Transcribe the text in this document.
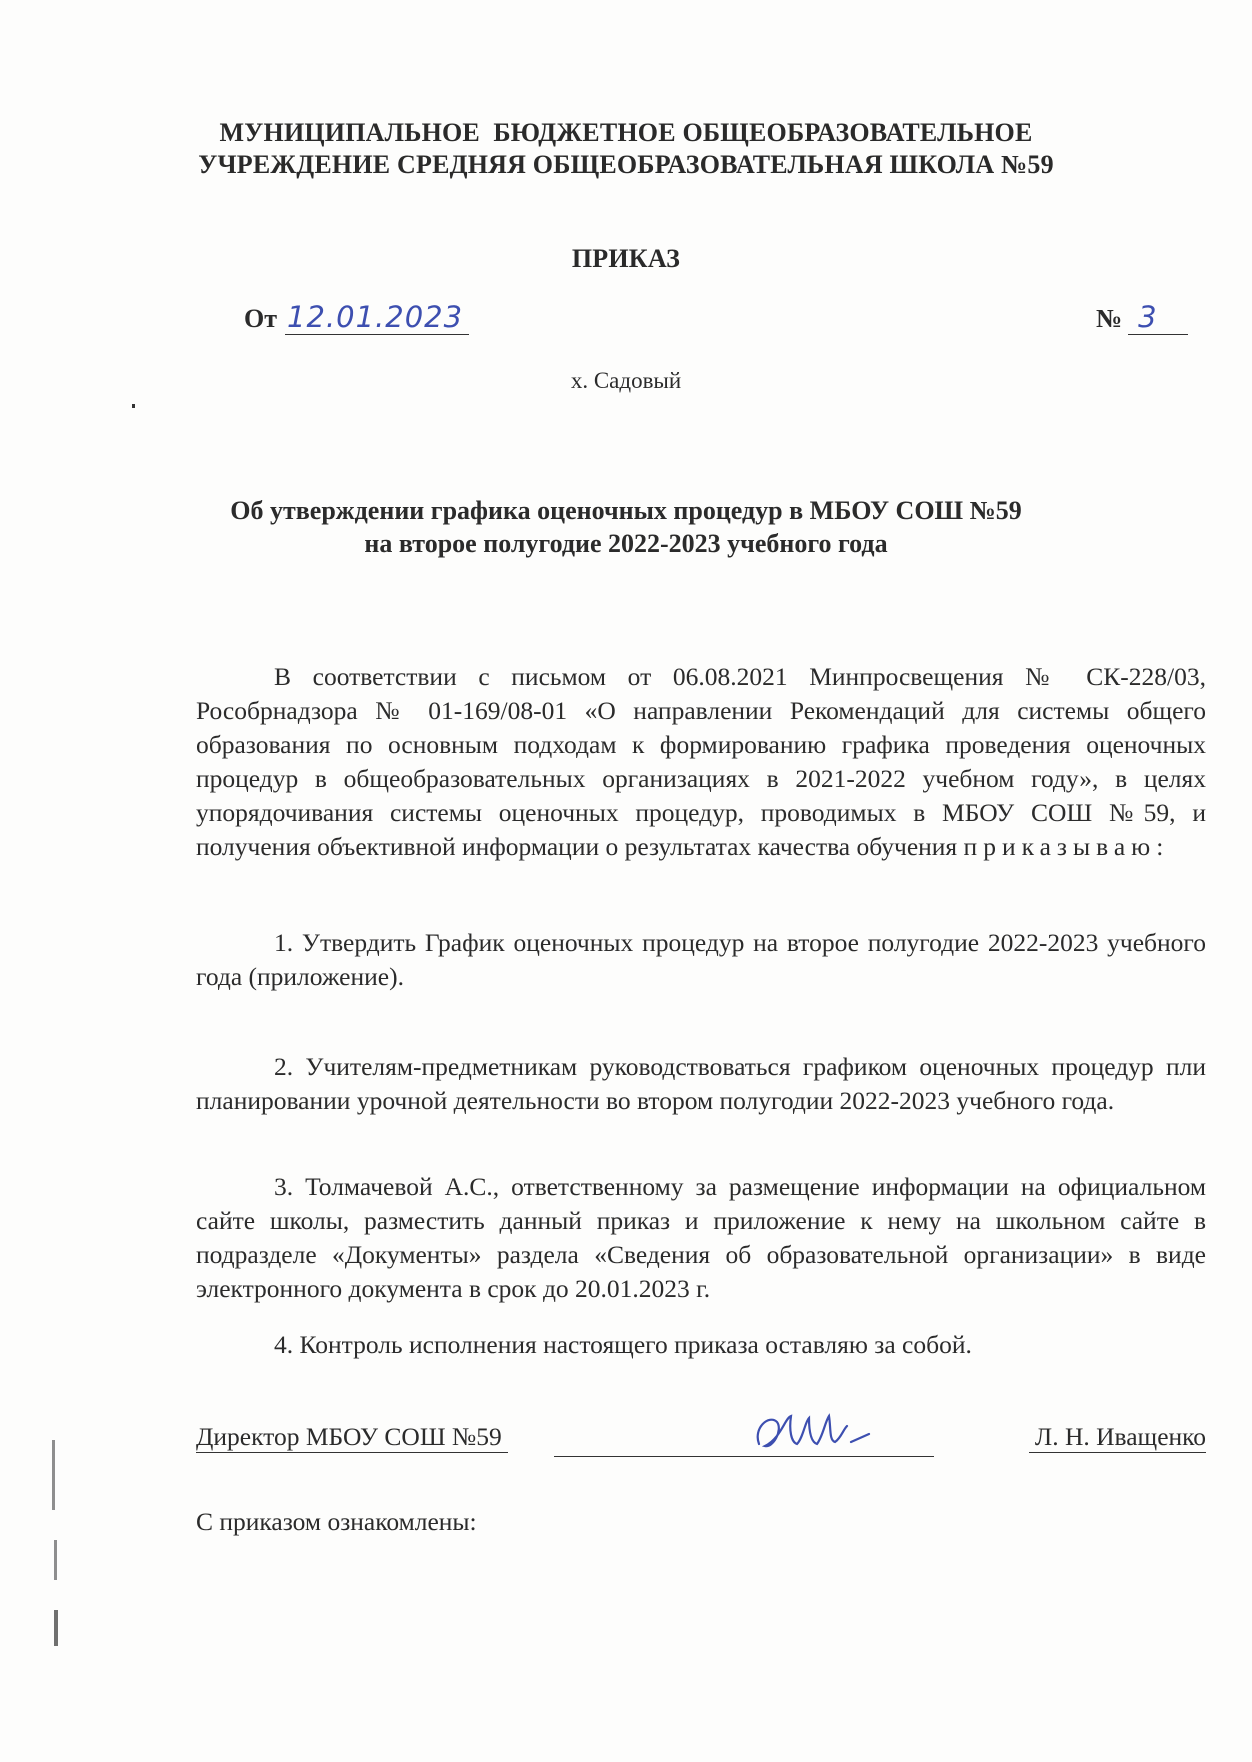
МУНИЦИПАЛЬНОЕ  БЮДЖЕТНОЕ ОБЩЕОБРАЗОВАТЕЛЬНОЕ
УЧРЕЖДЕНИЕ СРЕДНЯЯ ОБЩЕОБРАЗОВАТЕЛЬНАЯ ШКОЛА №59
ПРИКАЗ
От 12.01.2023	№ 3
х. Садовый
Об утверждении графика оценочных процедур в МБОУ СОШ №59
на второе полугодие 2022-2023 учебного года
В соответствии с письмом от 06.08.2021 Минпросвещения № СК-228/03, Рособрнадзора № 01-169/08-01 «О направлении Рекомендаций для системы общего образования по основным подходам к формированию графика проведения оценочных процедур в общеобразовательных организациях в 2021-2022 учебном году», в целях упорядочивания системы оценочных процедур, проводимых в МБОУ СОШ №59, и получения объективной информации о результатах качества обучения приказываю:
1. Утвердить График оценочных процедур на второе полугодие 2022-2023 учебного года (приложение).
2. Учителям-предметникам руководствоваться графиком оценочных процедур пли планировании урочной деятельности во втором полугодии 2022-2023 учебного года.
3. Толмачевой А.С., ответственному за размещение информации на официальном сайте школы, разместить данный приказ и приложение к нему на школьном сайте в подразделе «Документы» раздела «Сведения об образовательной организации» в виде электронного документа в срок до 20.01.2023 г.
4. Контроль исполнения настоящего приказа оставляю за собой.
Директор МБОУ СОШ №59	Л. Н. Иващенко
С приказом ознакомлены:
